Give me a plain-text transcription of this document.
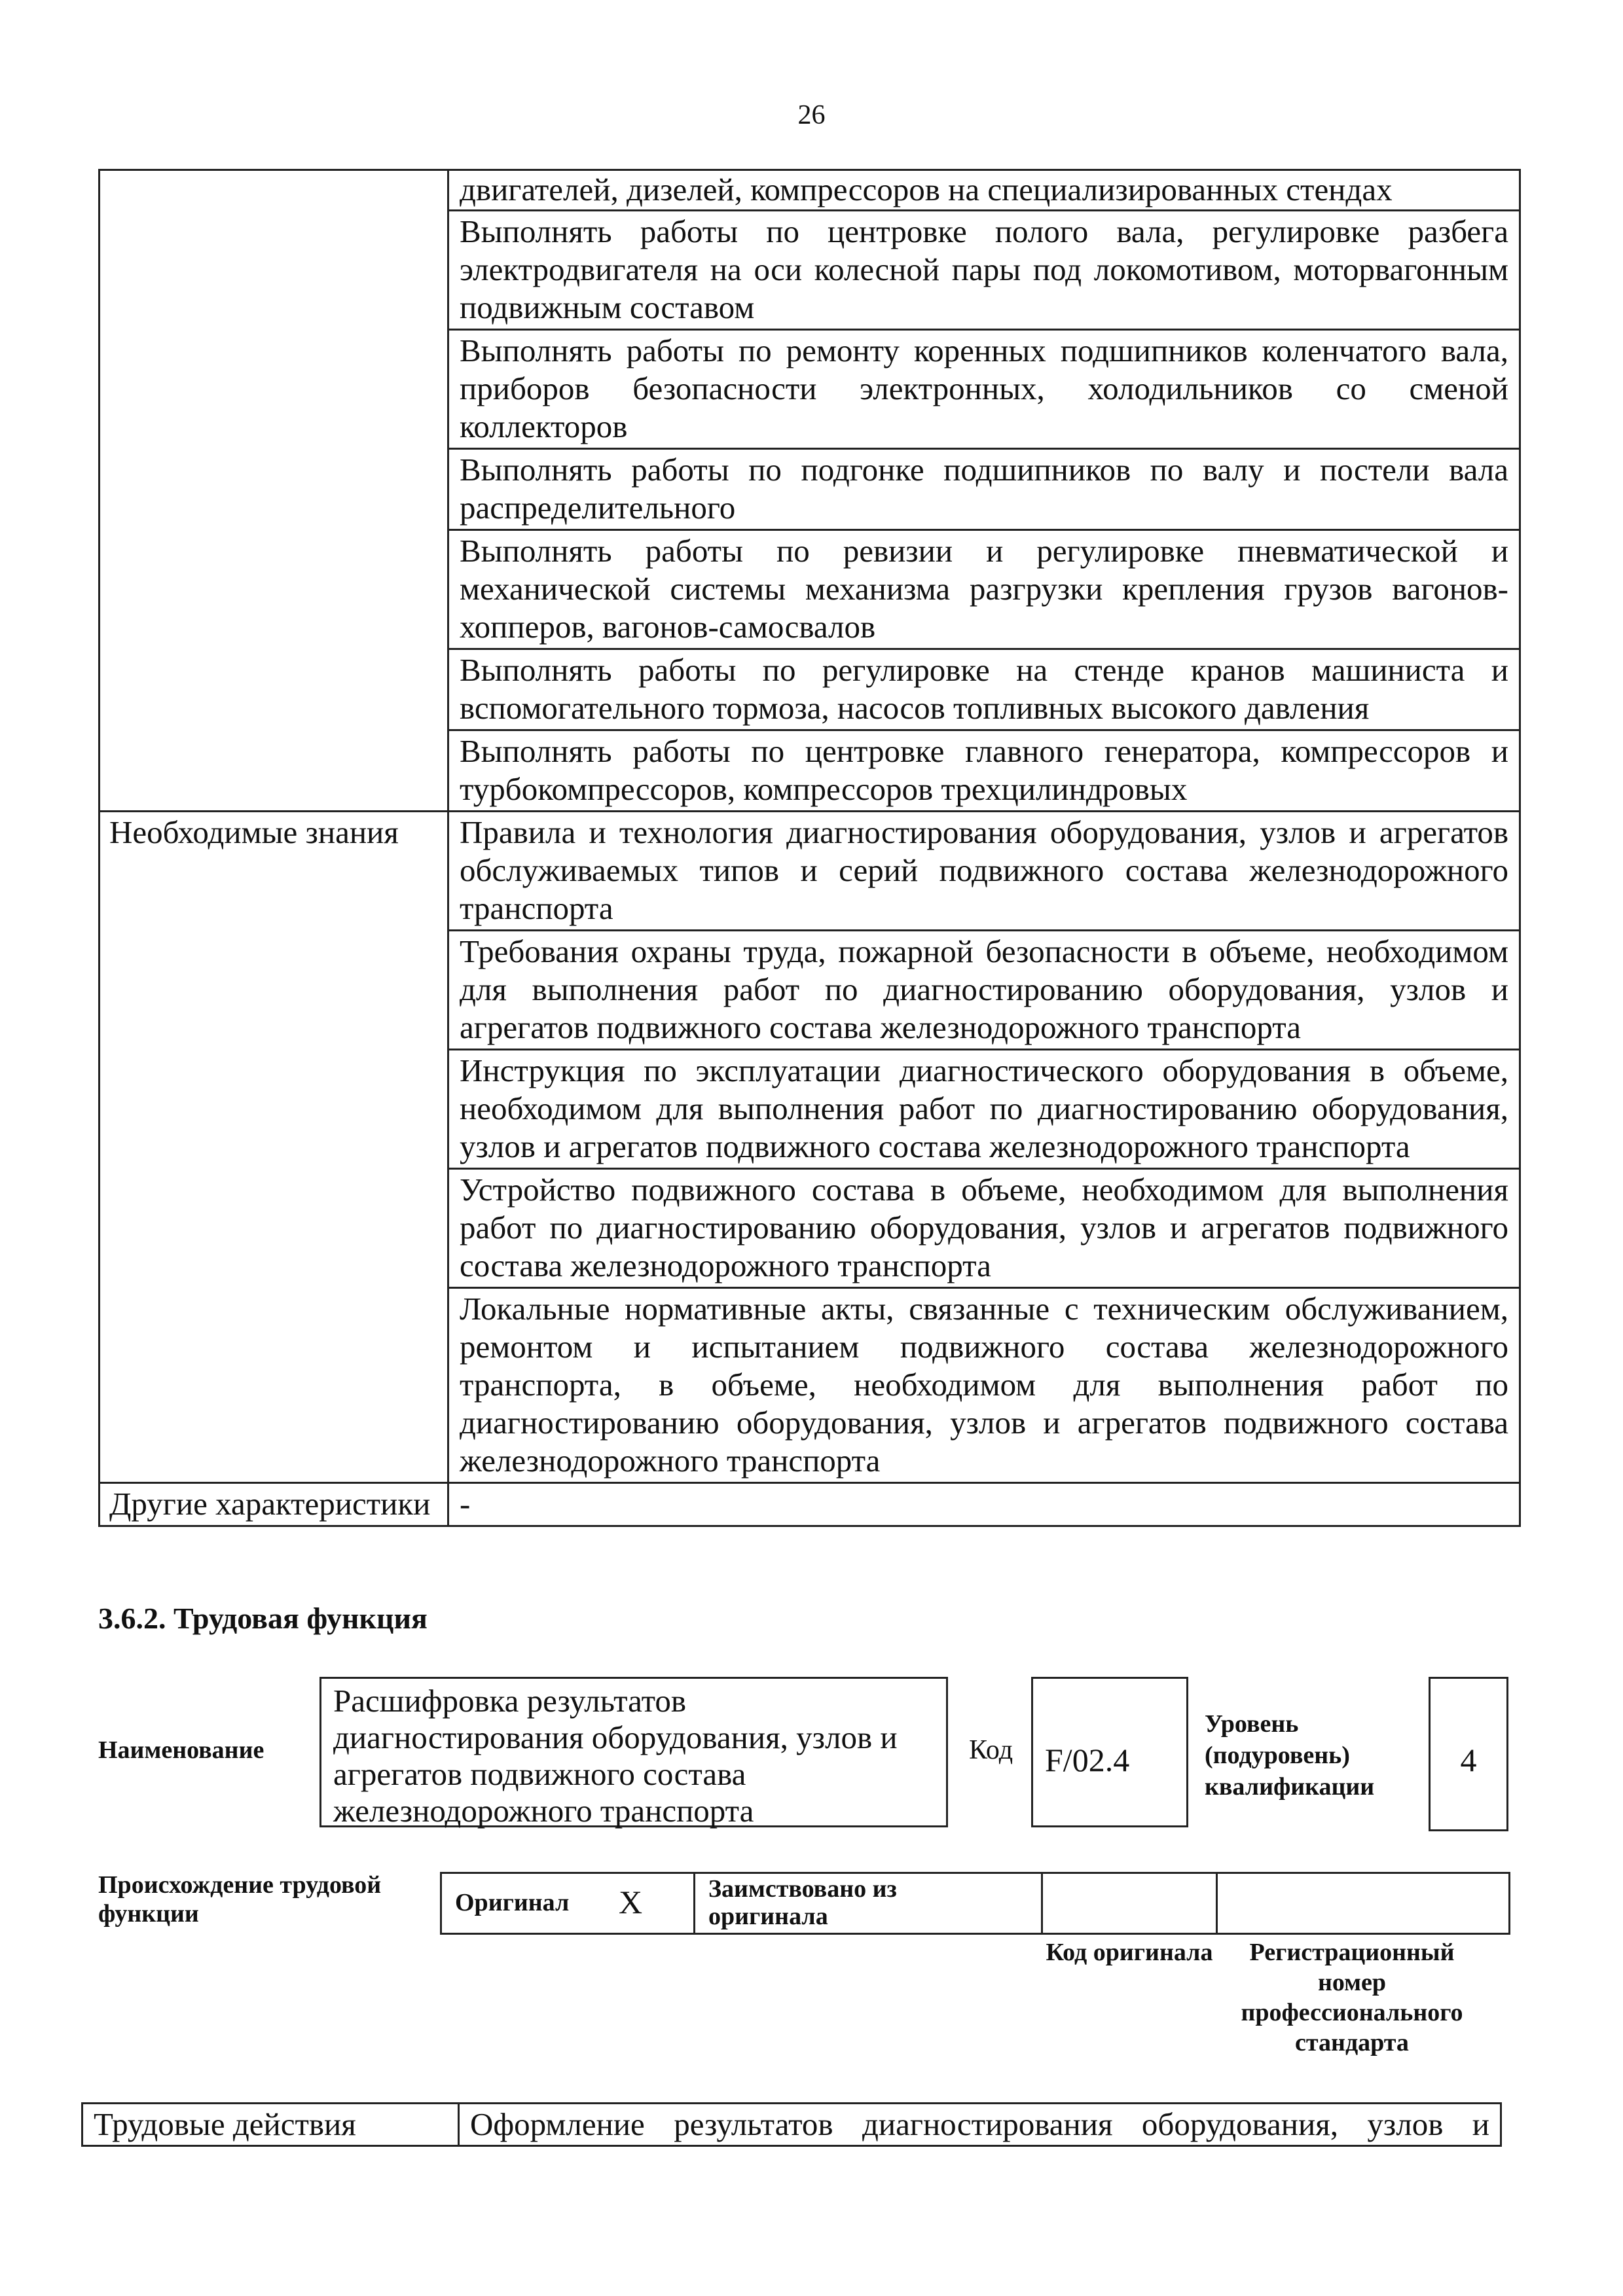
26
	двигателей, дизелей, компрессоров на специализированных стендах
	Выполнять работы по центровке полого вала, регулировке разбега электродвигателя на оси колесной пары под локомотивом, моторвагонным подвижным составом
	Выполнять работы по ремонту коренных подшипников коленчатого вала, приборов безопасности электронных, холодильников со сменой коллекторов
	Выполнять работы по подгонке подшипников по валу и постели вала распределительного
	Выполнять работы по ревизии и регулировке пневматической и механической системы механизма разгрузки крепления грузов вагонов-хопперов, вагонов-самосвалов
	Выполнять работы по регулировке на стенде кранов машиниста и вспомогательного тормоза, насосов топливных высокого давления
	Выполнять работы по центровке главного генератора, компрессоров и турбокомпрессоров, компрессоров трехцилиндровых
Необходимые знания	Правила и технология диагностирования оборудования, узлов и агрегатов обслуживаемых типов и серий подвижного состава железнодорожного транспорта
	Требования охраны труда, пожарной безопасности в объеме, необходимом для выполнения работ по диагностированию оборудования, узлов и агрегатов подвижного состава железнодорожного транспорта
	Инструкция по эксплуатации диагностического оборудования в объеме, необходимом для выполнения работ по диагностированию оборудования, узлов и агрегатов подвижного состава железнодорожного транспорта
	Устройство подвижного состава в объеме, необходимом для выполнения работ по диагностированию оборудования, узлов и агрегатов подвижного состава железнодорожного транспорта
	Локальные нормативные акты, связанные с техническим обслуживанием, ремонтом и испытанием подвижного состава железнодорожного транспорта, в объеме, необходимом для выполнения работ по диагностированию оборудования, узлов и агрегатов подвижного состава железнодорожного транспорта
Другие характеристики	-
3.6.2. Трудовая функция
Наименование
Расшифровка результатов диагностирования оборудования, узлов и агрегатов подвижного состава железнодорожного транспорта
Код F/02.4
Уровень (подуровень) квалификации
4
Происхождение трудовой функции	Оригинал X	Заимствовано из оригинала

Код оригинала	Регистрационный номер профессионального стандарта
Трудовые действия	Оформление результатов диагностирования оборудования, узлов и
